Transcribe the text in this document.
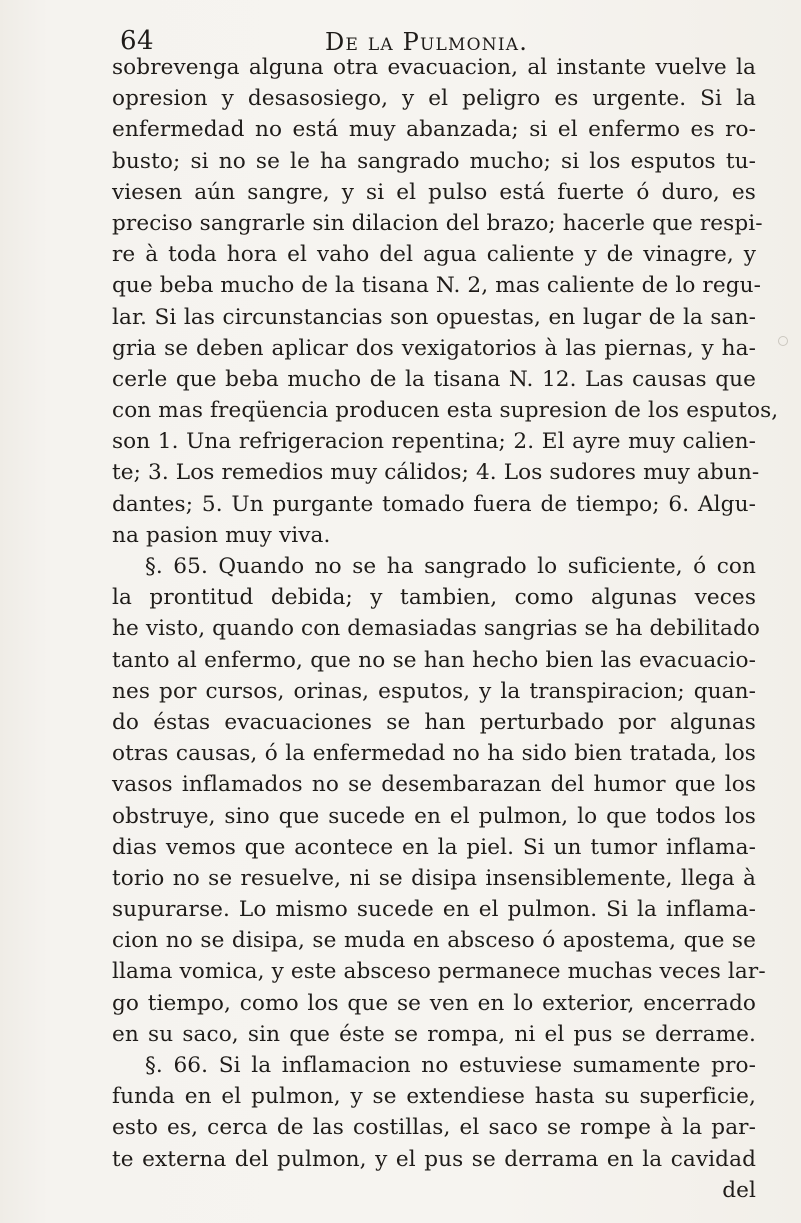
64	De la Pulmonia.
sobrevenga alguna otra evacuacion, al instante vuelve la
opresion y desasosiego, y el peligro es urgente. Si la
enfermedad no está muy abanzada; si el enfermo es ro-
busto; si no se le ha sangrado mucho; si los esputos tu-
viesen aún sangre, y si el pulso está fuerte ó duro, es
preciso sangrarle sin dilacion del brazo; hacerle que respi-
re à toda hora el vaho del agua caliente y de vinagre, y
que beba mucho de la tisana N. 2, mas caliente de lo regu-
lar. Si las circunstancias son opuestas, en lugar de la san-
gria se deben aplicar dos vexigatorios à las piernas, y ha-
cerle que beba mucho de la tisana N. 12. Las causas que
con mas freqüencia producen esta supresion de los esputos,
son 1. Una refrigeracion repentina; 2. El ayre muy calien-
te; 3. Los remedios muy cálidos; 4. Los sudores muy abun-
dantes; 5. Un purgante tomado fuera de tiempo; 6. Algu-
na pasion muy viva.
§. 65. Quando no se ha sangrado lo suficiente, ó con
la prontitud debida; y tambien, como algunas veces
he visto, quando con demasiadas sangrias se ha debilitado
tanto al enfermo, que no se han hecho bien las evacuacio-
nes por cursos, orinas, esputos, y la transpiracion; quan-
do éstas evacuaciones se han perturbado por algunas
otras causas, ó la enfermedad no ha sido bien tratada, los
vasos inflamados no se desembarazan del humor que los
obstruye, sino que sucede en el pulmon, lo que todos los
dias vemos que acontece en la piel. Si un tumor inflama-
torio no se resuelve, ni se disipa insensiblemente, llega à
supurarse. Lo mismo sucede en el pulmon. Si la inflama-
cion no se disipa, se muda en absceso ó apostema, que se
llama vomica, y este absceso permanece muchas veces lar-
go tiempo, como los que se ven en lo exterior, encerrado
en su saco, sin que éste se rompa, ni el pus se derrame.
§. 66. Si la inflamacion no estuviese sumamente pro-
funda en el pulmon, y se extendiese hasta su superficie,
esto es, cerca de las costillas, el saco se rompe à la par-
te externa del pulmon, y el pus se derrama en la cavidad
del
